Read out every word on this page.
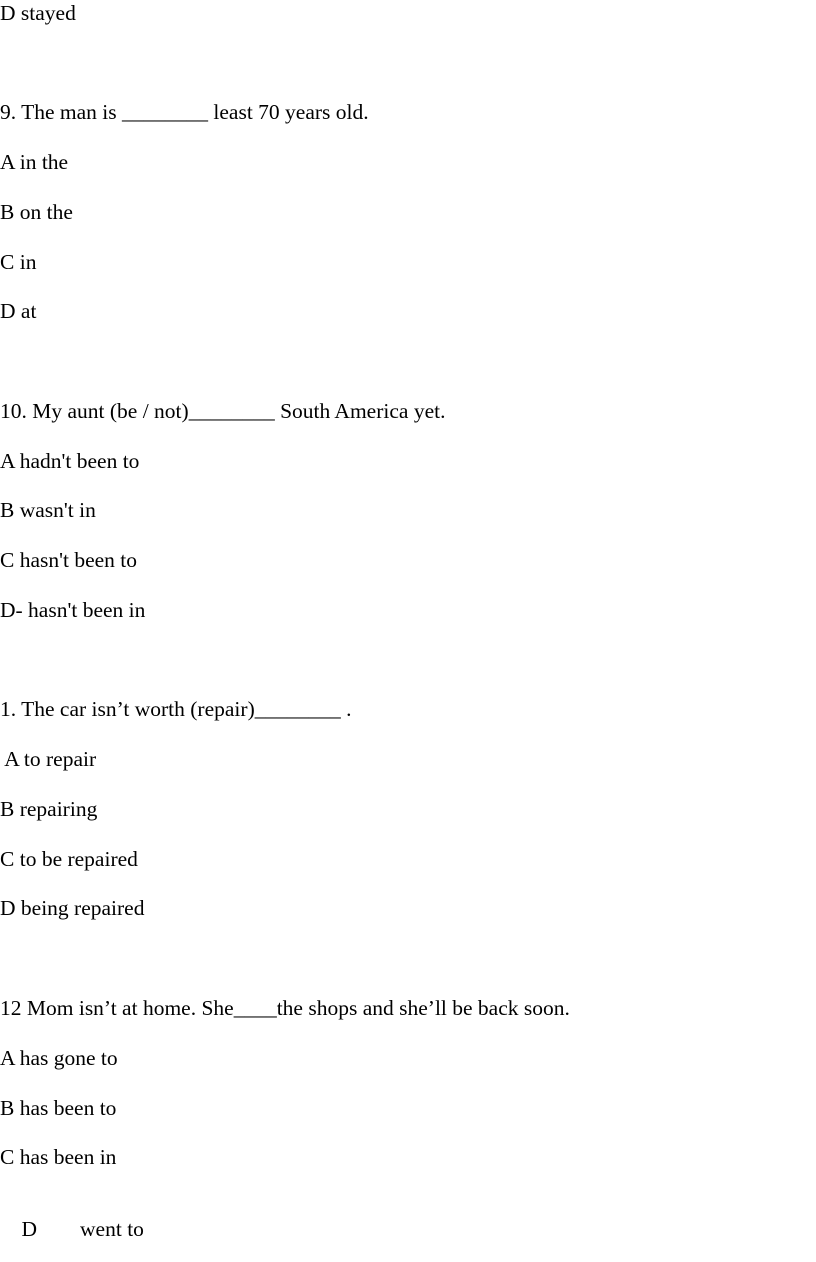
D stayed

9. The man is ________ least 70 years old.

A in the

B on the

C in

D at

10. My aunt (be / not)________ South America yet.

A hadn't been to

B wasn't in

C hasn't been to

D- hasn't been in

1. The car isn’t worth (repair)________ .

A to repair

B repairing

C to be repaired

D being repaired

12 Mom isn’t at home. She____the shops and she’ll be back soon.

A has gone to

B has been to

C has been in

D went to
